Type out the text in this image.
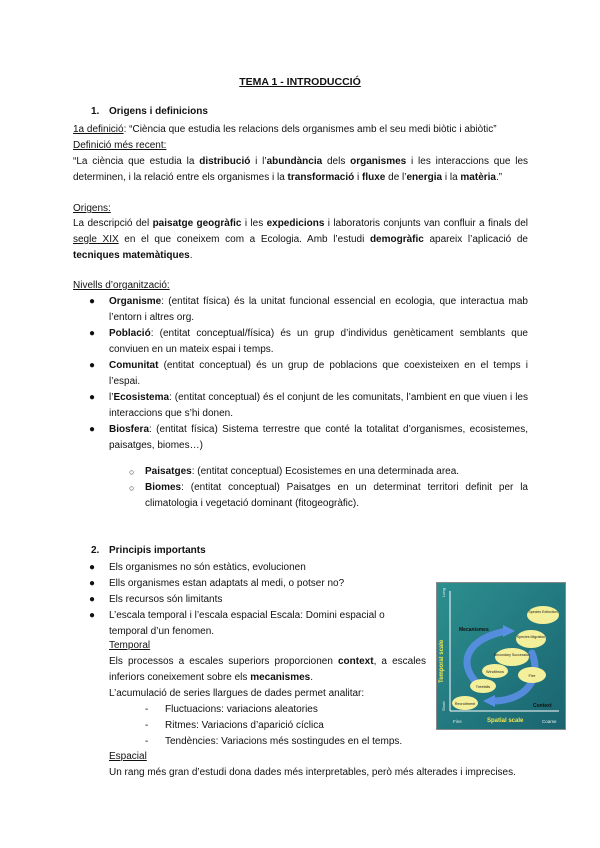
TEMA 1 - INTRODUCCIÓ
1. Origens i definicions
1a definició: “Ciència que estudia les relacions dels organismes amb el seu medi biòtic i abiòtic”
Definició més recent:
“La ciència que estudia la distribució i l’abundància dels organismes i les interaccions que les determinen, i la relació entre els organismes i la transformació i fluxe de l’energia i la matèria.”
Origens:
La descripció del paisatge geogràfic i les expedicions i laboratoris conjunts van confluir a finals del segle XIX en el que coneixem com a Ecologia. Amb l’estudi demogràfic apareix l’aplicació de tecniques matemàtiques.
Nivells d’organització:
● Organisme: (entitat física) és la unitat funcional essencial en ecologia, que interactua mab l’entorn i altres org.
● Població: (entitat conceptual/física) és un grup d’individus genèticament semblants que conviuen en un mateix espai i temps.
● Comunitat (entitat conceptual) és un grup de poblacions que coexisteixen en el temps i l’espai.
● l’Ecosistema: (entitat conceptual) és el conjunt de les comunitats, l’ambient en que viuen i les interaccions que s’hi donen.
● Biosfera: (entitat física) Sistema terrestre que conté la totalitat d’organismes, ecosistemes, paisatges, biomes…)
○ Paisatges: (entitat conceptual) Ecosistemes en una determinada area.
○ Biomes: (entitat conceptual) Paisatges en un determinat territori definit per la climatologia i vegetació dominant (fitogeogràfic).
2. Principis importants
● Els organismes no són estàtics, evolucionen
● Ells organismes estan adaptats al medi, o potser no?
● Els recursos són limitants
● L’escala temporal i l’escala espacial Escala: Domini espacial o temporal d’un fenomen.
Temporal
Els processos a escales superiors proporcionen context, a escales inferiors coneixement sobre els mecanismes.
L’acumulació de series llargues de dades permet analitar:
- Fluctuacions: variacions aleatories
- Ritmes: Variacions d’aparició cíclica
- Tendències: Variacions més sostingudes en el temps.
Espacial
Un rang més gran d’estudi dona dades més interpretables, però més alterades i imprecises.
Temporal scale
Spatial scale
Long
Short
Fine	Coarse
Mecanismes
Context
Species Extinction
Species Migration
Secondary Succession
Fire
Windthrow
Treefalls
Recruitment
